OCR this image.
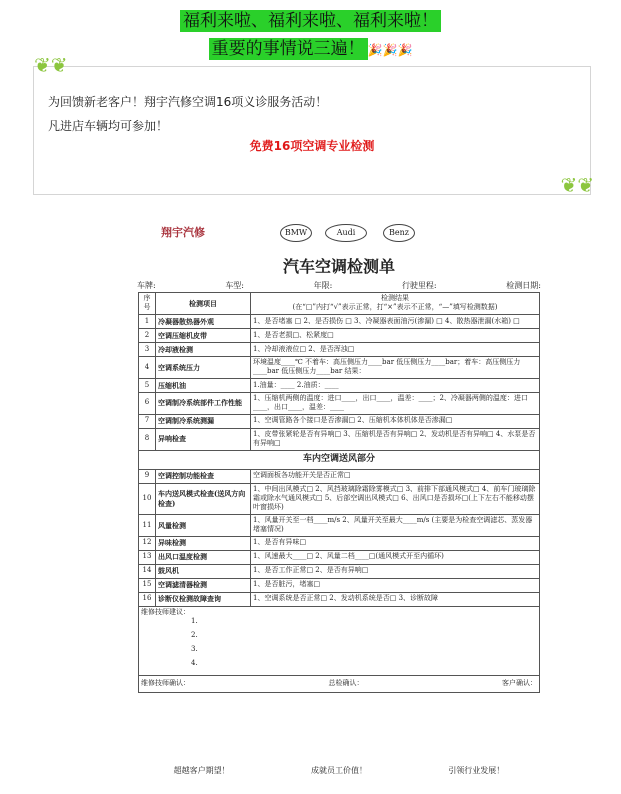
福利来啦、福利来啦、福利来啦！
重要的事情说三遍！ 🎉🎉🎉
❦❦

为回馈新老客户！翔宇汽修空调16项义诊服务活动！

凡进店车辆均可参加！

免费16项空调专业检测

❦❦
翔宇汽修	BMW	Audi	Benz
汽车空调检测单
车牌:	车型:	年限:	行驶里程:	检测日期:
序号	检测项目	检测结果
(在“□”内打“√”表示正常，打“×”表示不正常，“—”填写检测数据)
1	冷凝器散热器外观	1、是否堵塞 □ 2、是否损伤 □ 3、冷凝器表面油污(渗漏) □ 4、散热器泄漏(水箱) □
2	空调压缩机皮带	1、是否老损□、松紧度□
3	冷却液检测	1、冷却液液位□ 2、是否浑浊□
4	空调系统压力	环境温度____℃ 不着车：高压侧压力____bar 低压侧压力____bar；着车：高压侧压力____bar 低压侧压力____bar 结果：
5	压缩机油	1.油量：____ 2.油质：____
6	空调制冷系统部件工作性能	1、压缩机两侧的温度：进口____，出口____，温差：____；2、冷凝器两侧的温度：进口____，出口____，温差：____
7	空调制冷系统测漏	1、空调管路各个接口是否渗漏□ 2、压缩机本体机体是否渗漏□
8	异响检查	1、皮带张紧轮是否有异响□ 3、压缩机是否有异响□ 2、发动机是否有异响□ 4、水泵是否有异响□
车内空调送风部分		
9	空调控制功能检查	空调面板各功能开关是否正常□
10	车内送风模式检查(送风方向检查)	1、中间出风模式□ 2、风挡玻璃除霜除雾模式□ 3、前排下部通风模式□ 4、前车门玻璃除霜或除水气通风模式□ 5、后部空调出风模式□ 6、出风口是否损坏□(上下左右不能移动摆叶窗损坏)
11	风量检测	1、风量开关至一档____m/s 2、风量开关至最大____m/s (主要是为检查空调滤芯、蒸发器堵塞情况)
12	异味检测	1、是否有异味□
13	出风口温度检测	1、风速最大____□ 2、风量二档____□(通风模式开至内循环)
14	鼓风机	1、是否工作正常□ 2、是否有异响□
15	空调滤清器检测	1、是否脏污，堵塞□
16	诊断仪检测故障查询	1、空调系统是否正常□ 2、发动机系统是否□ 3、诊断故障
维修技师建议：
1.
2.
3.
4.		

维修技师确认： 总检确认： 客户确认：		
超越客户期望！	成就员工价值！	引领行业发展！
